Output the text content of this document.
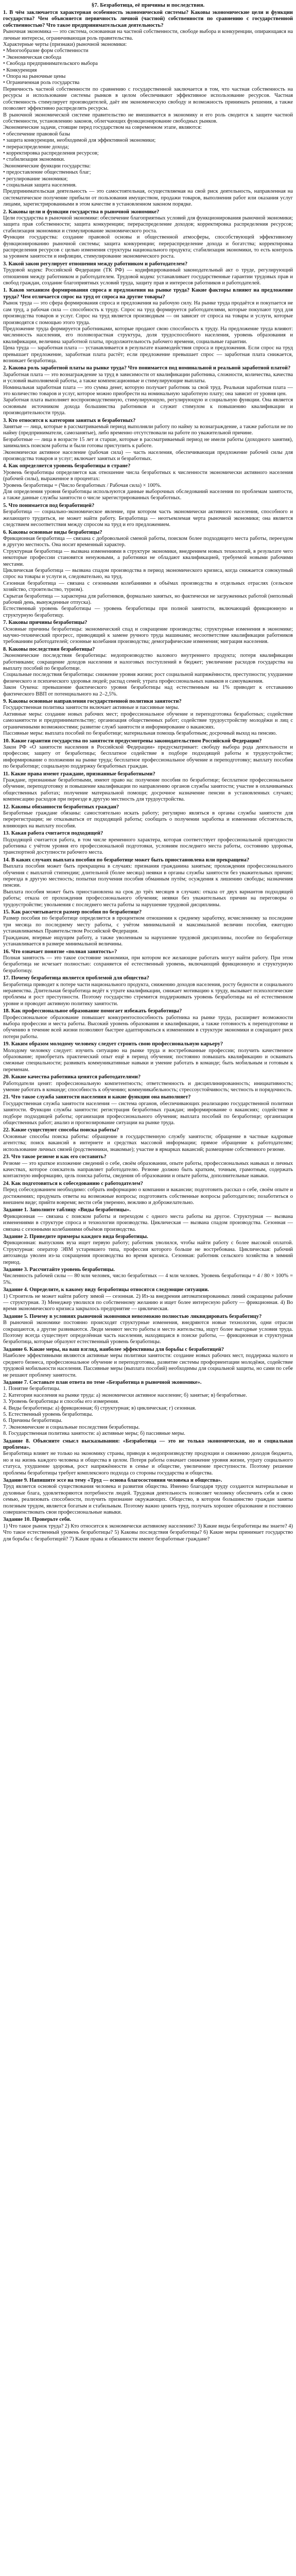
§7. Безработица, её причины и последствия.
1. В чём заключается характерная особенность экономической системы? Каковы экономические цели и функции государства? Чем объясняется первичность личной (частной) собственности по сравнению с государственной собственностью? Что такое предпринимательская деятельность?
Рыночная экономика — это система, основанная на частной собственности, свободе выбора и конкуренции, опирающаяся на личные интересы, ограничивающая роль правительства.
Характерные черты (признаки) рыночной экономики:
• Многообразие форм собственности
• Экономическая свобода
• Свобода предпринимательского выбора
• Конкуренция
• Опора на рыночные цены
• Ограниченная роль государства
Первичность частной собственности по сравнению с государственной заключается в том, что частная собственность на ресурсы и использование системы рынков в целом обеспечивают эффективное использование ресурсов. Частная собственность стимулирует производителей, даёт им экономическую свободу и возможность принимать решения, а также позволяет эффективно распределять ресурсы.
В рыночной экономической системе правительство не вмешивается в экономику и его роль сводится к защите частной собственности, установлению законов, облегчающих функционирование свободных рынков.
Экономические задачи, стоящие перед государством на современном этапе, являются:
• обеспечение правовой базы
• защита конкуренции, необходимой для эффективной экономики;
• перераспределение дохода;
• корректировка распределения ресурсов;
• стабилизация экономики.
Экономические функции государства:
• предоставление общественных благ;
• регулирование экономики;
• социальная защита населения.
Предпринимательская деятельность — это самостоятельная, осуществляемая на свой риск деятельность, направленная на систематическое получение прибыли от пользования имуществом, продажи товаров, выполнения работ или оказания услуг лицами, зарегистрированными в этом качестве в установленном законом порядке.
2. Каковы цели и функции государства в рыночной экономике?
Цели государства в рыночной экономике: обеспечение благоприятных условий для функционирования рыночной экономики; защита прав собственности; защита конкуренции; перераспределение доходов; корректировка распределения ресурсов; стабилизация экономики и стимулирование экономического роста.
Функции государства: создание правовой основы и общественной атмосферы, способствующей эффективному функционированию рыночной системы; защита конкуренции; перераспределение дохода и богатства; корректировка распределения ресурсов с целью изменения структуры национального продукта; стабилизация экономики, то есть контроль за уровнем занятости и инфляции, стимулирование экономического роста.
3. Какой закон регулирует отношения между работником и работодателем?
Трудовой кодекс Российской Федерации (ТК РФ) — кодифицированный законодательный акт о труде, регулирующий отношения между работником и работодателем. Трудовой кодекс устанавливает государственные гарантии трудовых прав и свобод граждан, создание благоприятных условий труда, защиту прав и интересов работников и работодателей.
1. Каков механизм формирования спроса и предложения на рынке труда? Какие факторы влияют на предложение труда? Чем отличается спрос на труд от спроса на другие товары?
Рынок труда — это сфера формирования спроса и предложения на рабочую силу. На рынке труда продаётся и покупается не сам труд, а рабочая сила — способность к труду. Спрос на труд формируется работодателями, которые покупают труд для производства товаров и услуг. Спрос на труд является производным — он зависит от спроса на товары и услуги, которые производятся с помощью этого труда.
Предложение труда формируется работниками, которые продают свою способность к труду. На предложение труда влияют: численность населения, его половозрастная структура, доля трудоспособного населения, уровень образования и квалификации, величина заработной платы, продолжительность рабочего времени, социальные гарантии.
Цена труда — заработная плата — устанавливается в результате взаимодействия спроса и предложения. Если спрос на труд превышает предложение, заработная плата растёт; если предложение превышает спрос — заработная плата снижается, возникает безработица.
2. Какова роль заработной платы на рынке труда? Что понимается под номинальной и реальной заработной платой?
Заработная плата — это вознаграждение за труд в зависимости от квалификации работника, сложности, количества, качества и условий выполняемой работы, а также компенсационные и стимулирующие выплаты.
Номинальная заработная плата — это сумма денег, которую получает работник за свой труд. Реальная заработная плата — это количество товаров и услуг, которое можно приобрести на номинальную заработную плату; она зависит от уровня цен.
Заработная плата выполняет воспроизводственную, стимулирующую, регулирующую и социальную функции. Она является основным источником дохода большинства работников и служит стимулом к повышению квалификации и производительности труда.
3. Кто относится к категории занятых и безработных?
Занятые — лица, которые в рассматриваемый период выполняли работу по найму за вознаграждение, а также работали не по найму (предприниматели, самозанятые), либо временно отсутствовали на работе по уважительной причине.
Безработные — лица в возрасте 15 лет и старше, которые в рассматриваемый период не имели работы (доходного занятия), занимались поиском работы и были готовы приступить к работе.
Экономически активное население (рабочая сила) — часть населения, обеспечивающая предложение рабочей силы для производства товаров и услуг; включает занятых и безработных.
4. Как определяется уровень безработицы в стране?
Уровень безработицы определяется как отношение числа безработных к численности экономически активного населения (рабочей силы), выраженное в процентах:
Уровень безработицы = (Число безработных / Рабочая сила) × 100%.
Для определения уровня безработицы используются данные выборочных обследований населения по проблемам занятости, а также данные службы занятости о числе зарегистрированных безработных.
5. Что понимается под безработицей?
Безработица — социально-экономическое явление, при котором часть экономически активного населения, способного и желающего трудиться, не может найти работу. Безработица — неотъемлемая черта рыночной экономики; она является следствием несоответствия между спросом на труд и его предложением.
6. Каковы основные виды безработицы?
Фрикционная безработица — связана с добровольной сменой работы, поиском более подходящего места работы, переездом в другую местность. Она носит временный характер.
Структурная безработица — вызвана изменениями в структуре экономики, внедрением новых технологий, в результате чего некоторые профессии становятся ненужными, а работники не обладают квалификацией, требуемой новыми рабочими местами.
Циклическая безработица — вызвана спадом производства в период экономического кризиса, когда снижается совокупный спрос на товары и услуги и, следовательно, на труд.
Сезонная безработица — связана с сезонными колебаниями в объёмах производства в отдельных отраслях (сельское хозяйство, строительство, туризм).
Скрытая безработица — характерна для работников, формально занятых, но фактически не загруженных работой (неполный рабочий день, вынужденные отпуска).
Естественный уровень безработицы — уровень безработицы при полной занятости, включающий фрикционную и структурную безработицу.
7. Каковы причины безработицы?
Основные причины безработицы: экономический спад и сокращение производства; структурные изменения в экономике; научно-технический прогресс, приводящий к замене ручного труда машинами; несоответствие квалификации работников требованиям работодателей; сезонные колебания производства; демографические изменения; миграция населения.
8. Каковы последствия безработицы?
Экономические последствия безработицы: недопроизводство валового внутреннего продукта; потеря квалификации работниками; сокращение доходов населения и налоговых поступлений в бюджет; увеличение расходов государства на выплату пособий по безработице.
Социальные последствия безработицы: снижение уровня жизни; рост социальной напряжённости, преступности; ухудшение физического и психического здоровья людей; распад семей; утрата профессиональных навыков и самоуважения.
Закон Оукена: превышение фактического уровня безработицы над естественным на 1% приводит к отставанию фактического ВВП от потенциального на 2–2,5%.
9. Каковы основные направления государственной политики занятости?
Государственная политика занятости включает активные и пассивные меры.
Активные меры: создание новых рабочих мест; профессиональное обучение и переподготовка безработных; содействие самозанятости и предпринимательству; организация общественных работ; содействие трудоустройству молодёжи и лиц с ограниченными возможностями; развитие служб занятости и информирование о вакансиях.
Пассивные меры: выплата пособий по безработице; материальная помощь безработным; досрочный выход на пенсию.
10. Какие гарантии государства по занятости предусмотрены законодательством Российской Федерации?
Закон РФ «О занятости населения в Российской Федерации» предусматривает: свободу выбора рода деятельности и профессии; защиту от безработицы; бесплатное содействие в подборе подходящей работы и трудоустройстве; информирование о положении на рынке труда; бесплатное профессиональное обучение и переподготовку; выплату пособия по безработице; социальную поддержку безработных граждан.
11. Какие права имеют граждане, признанные безработными?
Граждане, признанные безработными, имеют право на: получение пособия по безработице; бесплатное профессиональное обучение, переподготовку и повышение квалификации по направлению органов службы занятости; участие в оплачиваемых общественных работах; получение материальной помощи; досрочное назначение пенсии в установленных случаях; компенсацию расходов при переезде в другую местность для трудоустройства.
12. Каковы обязанности безработных граждан?
Безработные граждане обязаны: самостоятельно искать работу; регулярно являться в органы службы занятости для перерегистрации; не отказываться от подходящей работы; сообщать о получении заработка и изменении обстоятельств, влияющих на выплату пособия.
13. Какая работа считается подходящей?
Подходящей считается работа, в том числе временного характера, которая соответствует профессиональной пригодности работника с учётом уровня его профессиональной подготовки, условиям последнего места работы, состоянию здоровья, транспортной доступности рабочего места.
14. В каких случаях выплата пособия по безработице может быть приостановлена или прекращена?
Выплата пособия может быть прекращена в случаях: признания гражданина занятым; прохождения профессионального обучения с выплатой стипендии; длительной (более месяца) неявки в органы службы занятости без уважительных причин; переезда в другую местность; попытки получения пособия обманным путём; осуждения к лишению свободы; назначения пенсии.
Выплата пособия может быть приостановлена на срок до трёх месяцев в случаях: отказа от двух вариантов подходящей работы; отказа от прохождения профессионального обучения; неявки без уважительных причин на переговоры о трудоустройстве; увольнения с последнего места работы за нарушение трудовой дисциплины.
15. Как рассчитывается размер пособия по безработице?
Размер пособия по безработице определяется в процентном отношении к среднему заработку, исчисленному за последние три месяца по последнему месту работы, с учётом минимальной и максимальной величин пособия, ежегодно устанавливаемых Правительством Российской Федерации.
Гражданам, впервые ищущим работу, а также уволенным за нарушение трудовой дисциплины, пособие по безработице устанавливается в размере минимальной величины.
16. Что означает понятие «полная занятость»?
Полная занятость — это такое состояние экономики, при котором все желающие работать могут найти работу. При этом безработица не исчезает полностью: сохраняется её естественный уровень, включающий фрикционную и структурную безработицу.
17. Почему безработица является проблемой для общества?
Безработица приводит к потере части национального продукта, снижению доходов населения, росту бедности и социального неравенства. Длительная безработица ведёт к утрате квалификации, снижает мотивацию к труду, вызывает психологические проблемы и рост преступности. Поэтому государство стремится поддерживать уровень безработицы на её естественном уровне и проводит активную политику занятости.
18. Как профессиональное образование помогает избежать безработицы?
Профессиональное образование повышает конкурентоспособность работника на рынке труда, расширяет возможности выбора профессии и места работы. Высокий уровень образования и квалификации, а также готовность к переподготовке и обучению в течение всей жизни позволяют быстрее адаптироваться к изменениям в структуре экономики и сокращают риск потери работы.
19. Каким образом молодому человеку следует строить свою профессиональную карьеру?
Молодому человеку следует: изучить ситуацию на рынке труда и востребованные профессии; получить качественное образование; приобретать практический опыт ещё в период обучения; постоянно повышать квалификацию и осваивать смежные специальности; развивать коммуникативные навыки и умение работать в команде; быть мобильным и готовым к переменам.
20. Какие качества работника ценятся работодателями?
Работодатели ценят: профессиональную компетентность; ответственность и дисциплинированность; инициативность; умение работать в команде; способность к обучению; коммуникабельность; стрессоустойчивость; честность и порядочность.
21. Что такое служба занятости населения и какие функции она выполняет?
Государственная служба занятости населения — система органов, обеспечивающих реализацию государственной политики занятости. Функции службы занятости: регистрация безработных граждан; информирование о вакансиях; содействие в подборе подходящей работы; организация профессионального обучения; выплата пособий по безработице; организация общественных работ; анализ и прогнозирование ситуации на рынке труда.
22. Какие существуют способы поиска работы?
Основные способы поиска работы: обращение в государственную службу занятости; обращение в частные кадровые агентства; поиск вакансий в интернете и средствах массовой информации; прямое обращение к работодателям; использование личных связей (родственники, знакомые); участие в ярмарках вакансий; размещение собственного резюме.
23. Что такое резюме и как его составить?
Резюме — это краткое изложение сведений о себе, своём образовании, опыте работы, профессиональных навыках и личных качествах, которое соискатель направляет работодателю. Резюме должно быть кратким, точным, грамотным, содержать контактную информацию, цель поиска работы, сведения об образовании и опыте работы, дополнительные навыки.
24. Как подготовиться к собеседованию с работодателем?
Перед собеседованием необходимо: собрать информацию о компании и вакансии; подготовить рассказ о себе, своём опыте и достижениях; продумать ответы на возможные вопросы; подготовить собственные вопросы работодателю; позаботиться о внешнем виде; прийти вовремя; вести себя уверенно, вежливо и доброжелательно.
Задание 1. Заполните таблицу «Виды безработицы».
Фрикционная — связана с поиском работы и переходом с одного места работы на другое. Структурная — вызвана изменениями в структуре спроса и технологии производства. Циклическая — вызвана спадом производства. Сезонная — связана с сезонными колебаниями объёмов производства.
Задание 2. Приведите примеры каждого вида безработицы.
Фрикционная: выпускник вуза ищет первую работу; работник уволился, чтобы найти работу с более высокой оплатой. Структурная: оператор ЭВМ устаревшего типа, профессия которого больше не востребована. Циклическая: рабочий автозавода уволен из-за сокращения производства во время кризиса. Сезонная: работник сельского хозяйства в зимний период.
Задание 3. Рассчитайте уровень безработицы.
Численность рабочей силы — 80 млн человек, число безработных — 4 млн человек. Уровень безработицы = 4 / 80 × 100% = 5%.
Задание 4. Определите, к какому виду безработицы относятся следующие ситуации.
1) Строитель не может найти работу зимой — сезонная. 2) Из-за внедрения автоматизированных линий сокращены рабочие — структурная. 3) Менеджер уволился по собственному желанию и ищет более интересную работу — фрикционная. 4) Во время экономического кризиса закрылось предприятие — циклическая.
Задание 5. Почему в условиях рыночной экономики невозможно полностью ликвидировать безработицу?
В рыночной экономике постоянно происходят структурные изменения, внедряются новые технологии, одни отрасли сокращаются, а другие развиваются. Люди меняют место работы и место жительства, ищут более выгодные условия труда. Поэтому всегда существует определённая часть населения, находящаяся в поиске работы, — фрикционная и структурная безработица, которые образуют естественный уровень безработицы.
Задание 6. Какие меры, на ваш взгляд, наиболее эффективны для борьбы с безработицей?
Наиболее эффективными являются активные меры политики занятости: создание новых рабочих мест, поддержка малого и среднего бизнеса, профессиональное обучение и переподготовка, развитие системы профориентации молодёжи, содействие трудовой мобильности населения. Пассивные меры (выплата пособий) необходимы для социальной защиты, но сами по себе не решают проблему занятости.
Задание 7. Составьте план ответа по теме «Безработица в рыночной экономике».
1. Понятие безработицы.
2. Категории населения на рынке труда: а) экономически активное население; б) занятые; в) безработные.
3. Уровень безработицы и способы его измерения.
4. Виды безработицы: а) фрикционная; б) структурная; в) циклическая; г) сезонная.
5. Естественный уровень безработицы.
6. Причины безработицы.
7. Экономические и социальные последствия безработицы.
8. Государственная политика занятости: а) активные меры; б) пассивные меры.
Задание 8. Объясните смысл высказывания: «Безработица — это не только экономическая, но и социальная проблема».
Безработица влияет не только на экономику страны, приводя к недопроизводству продукции и снижению доходов бюджета, но и на жизнь каждого человека и общества в целом. Потеря работы означает снижение уровня жизни, утрату социального статуса, ухудшение здоровья, рост напряжённости в семье и обществе, увеличение преступности. Поэтому решение проблемы безработицы требует комплексного подхода со стороны государства и общества.
Задание 9. Напишите эссе на тему «Труд — основа благосостояния человека и общества».
Труд является основой существования человека и развития общества. Именно благодаря труду создаются материальные и духовные блага, удовлетворяются потребности людей. Трудовая деятельность позволяет человеку обеспечить себя и свою семью, реализовать способности, получить признание окружающих. Общество, в котором большинство граждан заняты полезным трудом, является богатым и стабильным. Поэтому важно ценить труд, получать хорошее образование и постоянно совершенствовать свои профессиональные навыки.
Задание 10. Проверьте себя.
1) Что такое рынок труда? 2) Кто относится к экономически активному населению? 3) Какие виды безработицы вы знаете? 4) Что такое естественный уровень безработицы? 5) Каковы последствия безработицы? 6) Какие меры принимает государство для борьбы с безработицей? 7) Какие права и обязанности имеют безработные граждане?
